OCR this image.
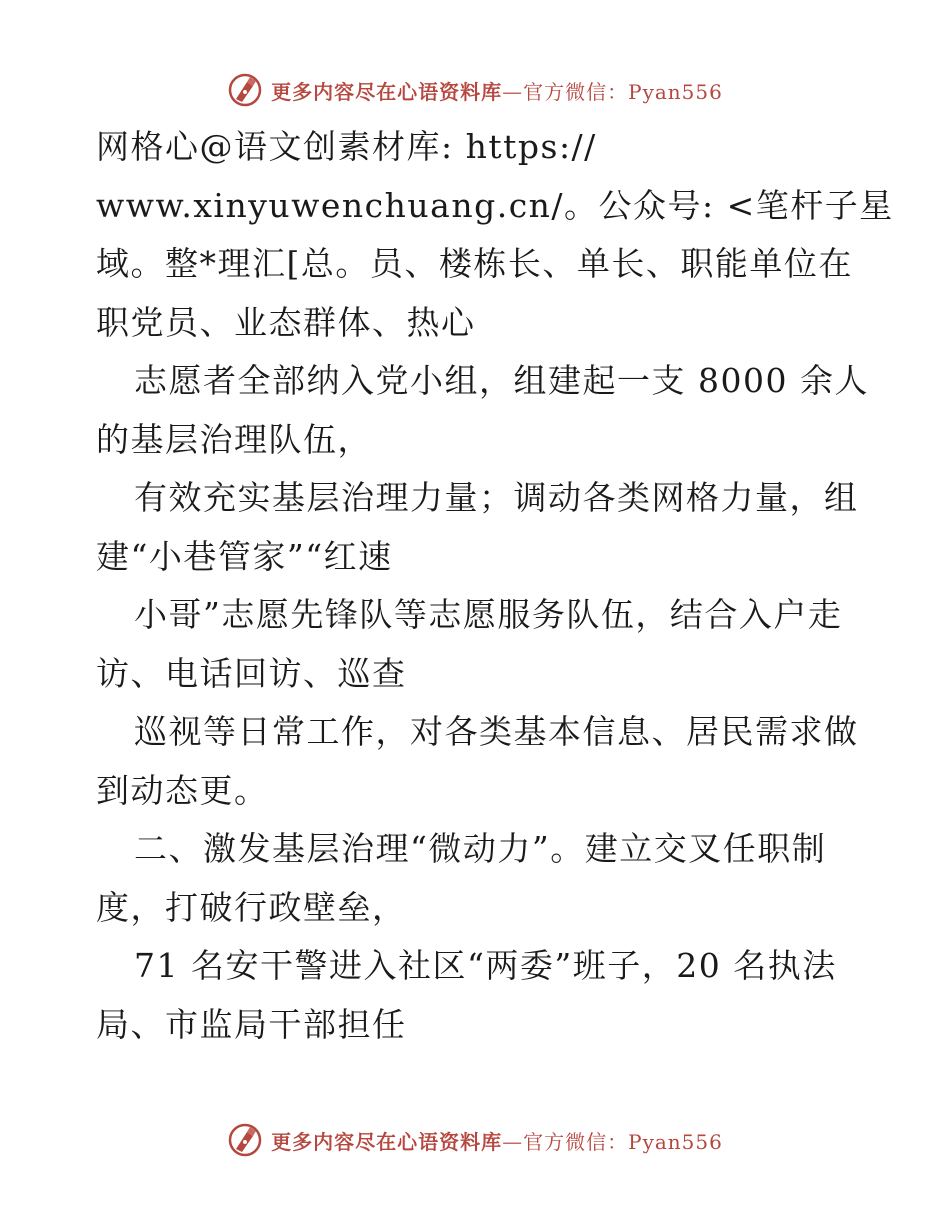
更多内容尽在心语资料库—官方微信：Pyan556
网格心@语文创素材库: https://
www.xinyuwenchuang.cn/。公众号: <笔杆子星
域。整*理汇[总。员、楼栋长、单长、职能单位在
职党员、业态群体、热心
志愿者全部纳入党小组，组建起一支 8000 余人
的基层治理队伍，
有效充实基层治理力量；调动各类网格力量，组
建“小巷管家”“红速
小哥”志愿先锋队等志愿服务队伍，结合入户走
访、电话回访、巡查
巡视等日常工作，对各类基本信息、居民需求做
到动态更。
二、激发基层治理“微动力”。建立交叉任职制
度，打破行政壁垒，
71 名安干警进入社区“两委”班子，20 名执法
局、市监局干部担任
更多内容尽在心语资料库—官方微信：Pyan556
